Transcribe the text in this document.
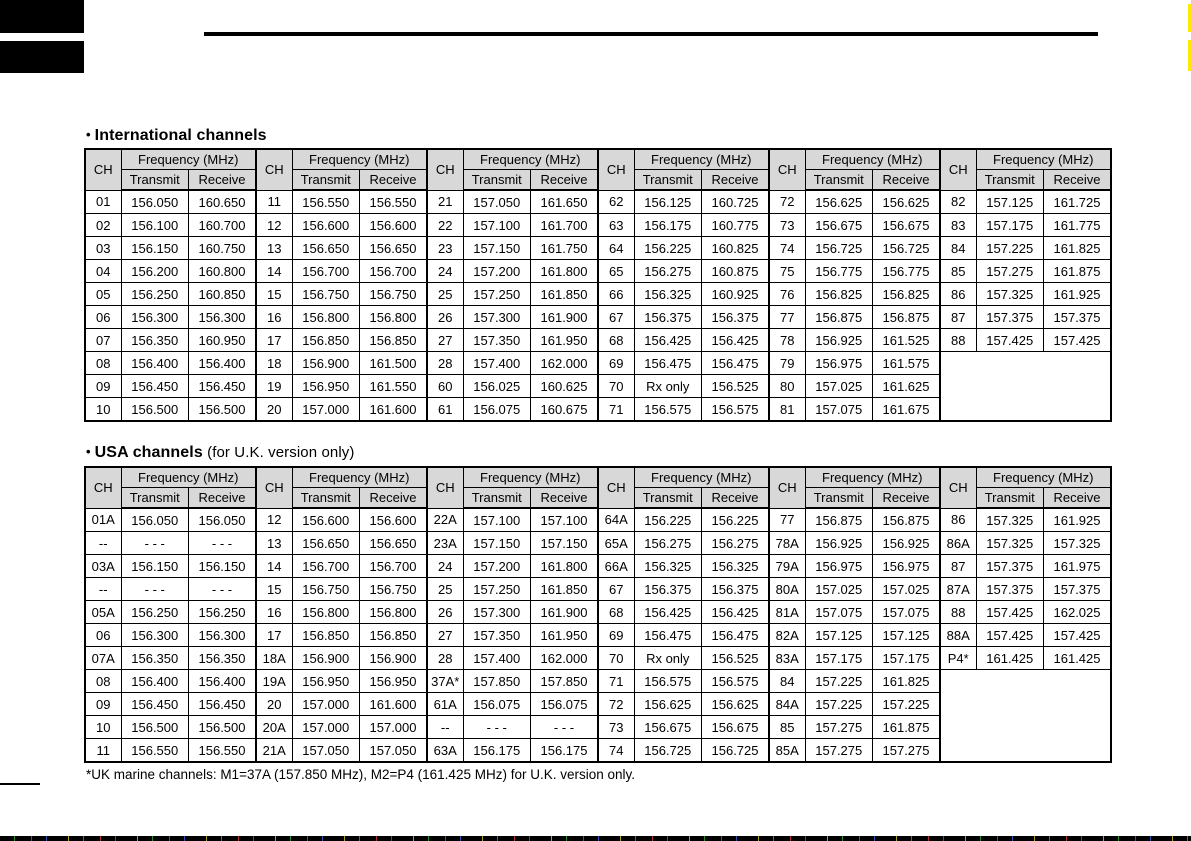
• International channels
CH	Frequency (MHz)		CH	Frequency (MHz)		CH	Frequency (MHz)		CH	Frequency (MHz)		CH	Frequency (MHz)		CH	Frequency (MHz)	
	Transmit	Receive		Transmit	Receive		Transmit	Receive		Transmit	Receive		Transmit	Receive		Transmit	Receive
01	156.050	160.650	11	156.550	156.550	21	157.050	161.650	62	156.125	160.725	72	156.625	156.625	82	157.125	161.725
02	156.100	160.700	12	156.600	156.600	22	157.100	161.700	63	156.175	160.775	73	156.675	156.675	83	157.175	161.775
03	156.150	160.750	13	156.650	156.650	23	157.150	161.750	64	156.225	160.825	74	156.725	156.725	84	157.225	161.825
04	156.200	160.800	14	156.700	156.700	24	157.200	161.800	65	156.275	160.875	75	156.775	156.775	85	157.275	161.875
05	156.250	160.850	15	156.750	156.750	25	157.250	161.850	66	156.325	160.925	76	156.825	156.825	86	157.325	161.925
06	156.300	156.300	16	156.800	156.800	26	157.300	161.900	67	156.375	156.375	77	156.875	156.875	87	157.375	157.375
07	156.350	160.950	17	156.850	156.850	27	157.350	161.950	68	156.425	156.425	78	156.925	161.525	88	157.425	157.425
08	156.400	156.400	18	156.900	161.500	28	157.400	162.000	69	156.475	156.475	79	156.975	161.575			
09	156.450	156.450	19	156.950	161.550	60	156.025	160.625	70	Rx only	156.525	80	157.025	161.625			
10	156.500	156.500	20	157.000	161.600	61	156.075	160.675	71	156.575	156.575	81	157.075	161.675			
• USA channels (for U.K. version only)
CH	Frequency (MHz)		CH	Frequency (MHz)		CH	Frequency (MHz)		CH	Frequency (MHz)		CH	Frequency (MHz)		CH	Frequency (MHz)	
	Transmit	Receive		Transmit	Receive		Transmit	Receive		Transmit	Receive		Transmit	Receive		Transmit	Receive
01A	156.050	156.050	12	156.600	156.600	22A	157.100	157.100	64A	156.225	156.225	77	156.875	156.875	86	157.325	161.925
--	- - -	- - -	13	156.650	156.650	23A	157.150	157.150	65A	156.275	156.275	78A	156.925	156.925	86A	157.325	157.325
03A	156.150	156.150	14	156.700	156.700	24	157.200	161.800	66A	156.325	156.325	79A	156.975	156.975	87	157.375	161.975
--	- - -	- - -	15	156.750	156.750	25	157.250	161.850	67	156.375	156.375	80A	157.025	157.025	87A	157.375	157.375
05A	156.250	156.250	16	156.800	156.800	26	157.300	161.900	68	156.425	156.425	81A	157.075	157.075	88	157.425	162.025
06	156.300	156.300	17	156.850	156.850	27	157.350	161.950	69	156.475	156.475	82A	157.125	157.125	88A	157.425	157.425
07A	156.350	156.350	18A	156.900	156.900	28	157.400	162.000	70	Rx only	156.525	83A	157.175	157.175	P4*	161.425	161.425
08	156.400	156.400	19A	156.950	156.950	37A*	157.850	157.850	71	156.575	156.575	84	157.225	161.825			
09	156.450	156.450	20	157.000	161.600	61A	156.075	156.075	72	156.625	156.625	84A	157.225	157.225			
10	156.500	156.500	20A	157.000	157.000	--	- - -	- - -	73	156.675	156.675	85	157.275	161.875			
11	156.550	156.550	21A	157.050	157.050	63A	156.175	156.175	74	156.725	156.725	85A	157.275	157.275			
*UK marine channels: M1=37A (157.850 MHz), M2=P4 (161.425 MHz) for U.K. version only.
